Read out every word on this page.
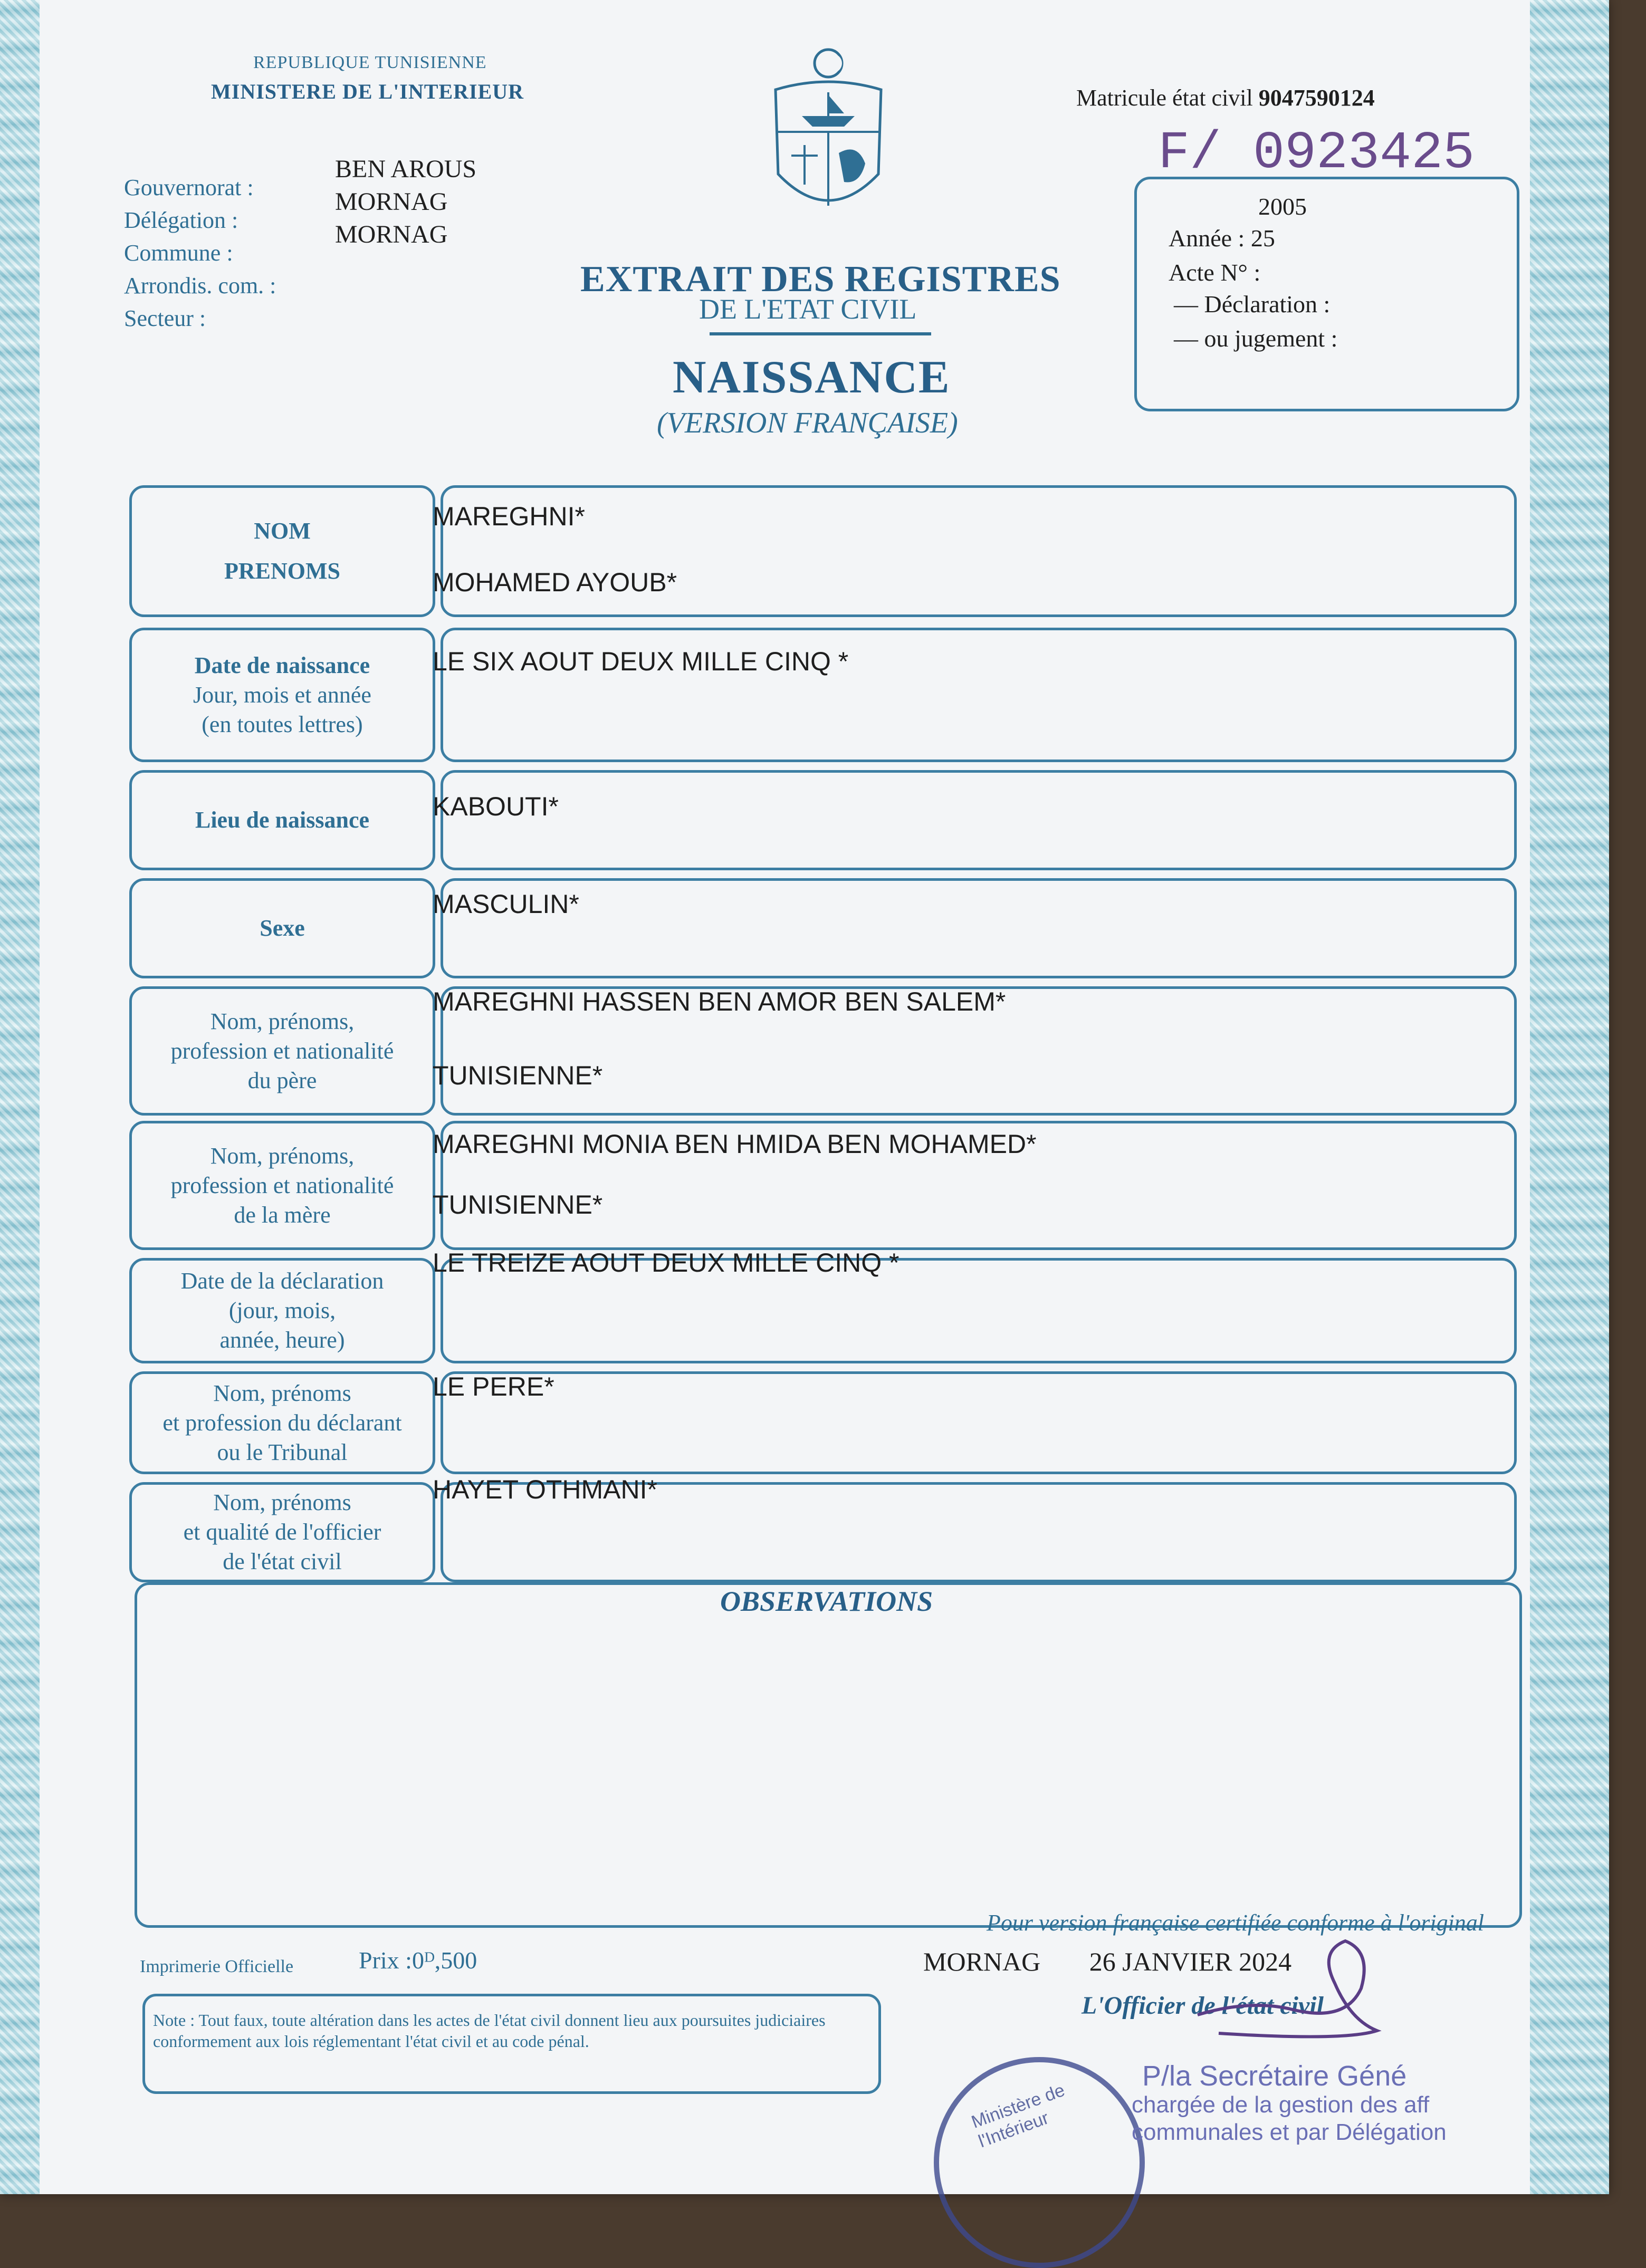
REPUBLIQUE TUNISIENNE
MINISTERE DE L'INTERIEUR
Gouvernorat :
Délégation :
Commune :
Arrondis. com. :
Secteur :
BEN AROUS
MORNAG
MORNAG
EXTRAIT DES REGISTRES
DE L'ETAT CIVIL
NAISSANCE
(VERSION FRANÇAISE)
Matricule état civil 9047590124
F/ 0923425
2005
Année : 25
Acte N° :
— Déclaration :
— ou jugement :
NOM
PRENOMS
MAREGHNI*
MOHAMED AYOUB*
Date de naissance
Jour, mois et année
(en toutes lettres)
LE SIX AOUT DEUX MILLE CINQ *
Lieu de naissance KABOUTI*
Sexe
MASCULIN*
Nom, prénoms,
profession et nationalité
du père
MAREGHNI HASSEN BEN AMOR BEN SALEM*
TUNISIENNE*
Nom, prénoms,
profession et nationalité
de la mère
MAREGHNI MONIA BEN HMIDA BEN MOHAMED*
TUNISIENNE*
Date de la déclaration
(jour, mois,
année, heure)
LE TREIZE AOUT DEUX MILLE CINQ *
Nom, prénoms
et profession du déclarant
ou le Tribunal
LE PERE*
Nom, prénoms
et qualité de l'officier
de l'état civil
HAYET OTHMANI*
OBSERVATIONS
Pour version française certifiée conforme à l'original
Imprimerie Officielle	Prix :0ᴰ,500	MORNAG 26 JANVIER 2024
L'Officier de l'état civil
Note : Tout faux, toute altération dans les actes de l'état civil donnent lieu aux poursuites judiciaires conformement aux lois réglementant l'état civil et au code pénal.
Ministère de l'Intérieur
P/la Secrétaire Géné
chargée de la gestion des aff
communales et par Délégation
